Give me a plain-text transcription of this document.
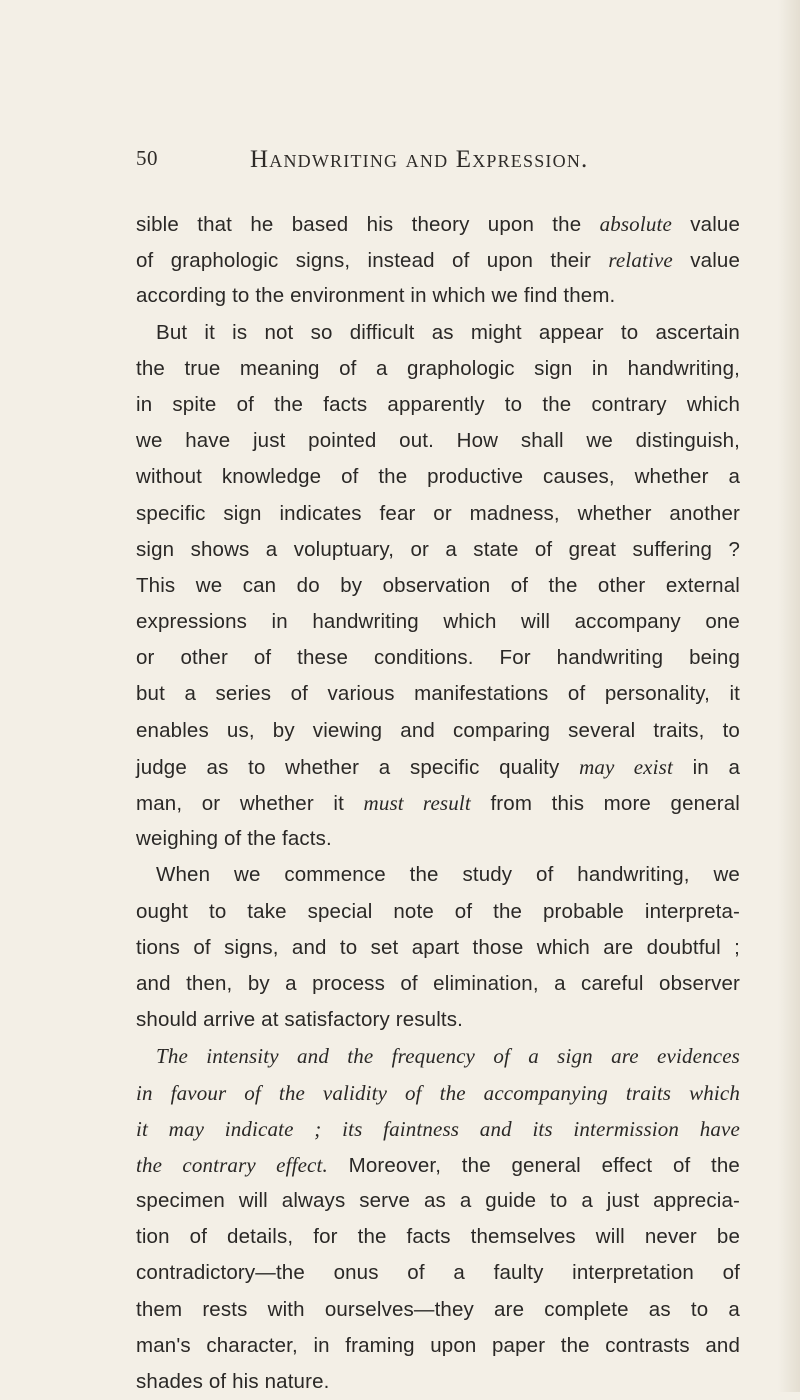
50	Handwriting and Expression.
sible that he based his theory upon the absolute value
of graphologic signs, instead of upon their relative value
according to the environment in which we find them.
But it is not so difficult as might appear to ascertain
the true meaning of a graphologic sign in handwriting,
in spite of the facts apparently to the contrary which
we have just pointed out. How shall we distinguish,
without knowledge of the productive causes, whether a
specific sign indicates fear or madness, whether another
sign shows a voluptuary, or a state of great suffering ?
This we can do by observation of the other external
expressions in handwriting which will accompany one
or other of these conditions. For handwriting being
but a series of various manifestations of personality, it
enables us, by viewing and comparing several traits, to
judge as to whether a specific quality may exist in a
man, or whether it must result from this more general
weighing of the facts.
When we commence the study of handwriting, we
ought to take special note of the probable interpreta-
tions of signs, and to set apart those which are doubtful ;
and then, by a process of elimination, a careful observer
should arrive at satisfactory results.
The intensity and the frequency of a sign are evidences
in favour of the validity of the accompanying traits which
it may indicate ; its faintness and its intermission have
the contrary effect. Moreover, the general effect of the
specimen will always serve as a guide to a just apprecia-
tion of details, for the facts themselves will never be
contradictory—the onus of a faulty interpretation of
them rests with ourselves—they are complete as to a
man's character, in framing upon paper the contrasts and
shades of his nature.
